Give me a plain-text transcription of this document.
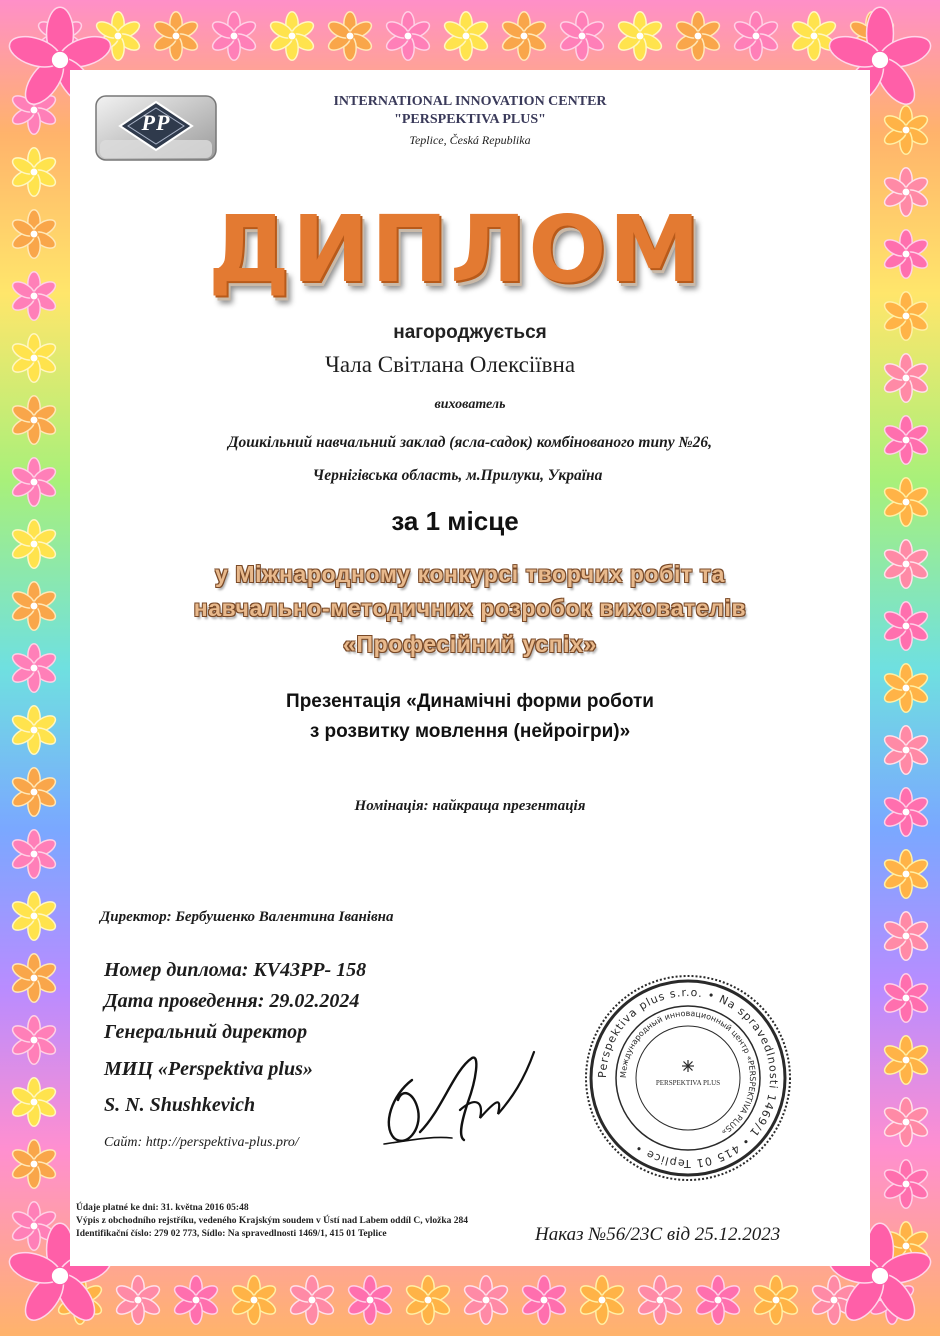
PP
INTERNATIONAL INNOVATION CENTER
"PERSPEKTIVA PLUS"
Teplice, Česká Republika
ДИПЛОМ
нагороджується
Чала Світлана Олексіївна
вихователь
Дошкільний навчальний заклад (ясла-садок) комбінованого типу №26,
Чернігівська область, м.Прилуки, Україна
за 1 місце
у Міжнародному конкурсі творчих робіт та
навчально-методичних розробок вихователів
«Професійний успіх»
Презентація «Динамічні форми роботи
з розвитку мовлення (нейроігри)»
Номінація: найкраща презентація
Директор: Бербушенко Валентина Іванівна
Номер диплома: KV43PP- 158
Дата проведення: 29.02.2024
Генеральний директор
МИЦ «Perspektiva plus»
S. N. Shushkevich
Сайт: http://perspektiva-plus.pro/
Perspektiva plus s.r.o. • Na spravedlnosti 1469/1 • 415 01 Teplice •
Международный инновационный центр «PERSPEKTIVA PLUS»
PERSPEKTIVA PLUS
Údaje platné ke dni: 31. května 2016 05:48
Výpis z obchodního rejstříku, vedeného Krajským soudem v Ústí nad Labem oddíl C, vložka 284
Identifikační číslo: 279 02 773, Sídlo: Na spravedlnosti 1469/1, 415 01 Teplice	Наказ №56/23С від 25.12.2023
